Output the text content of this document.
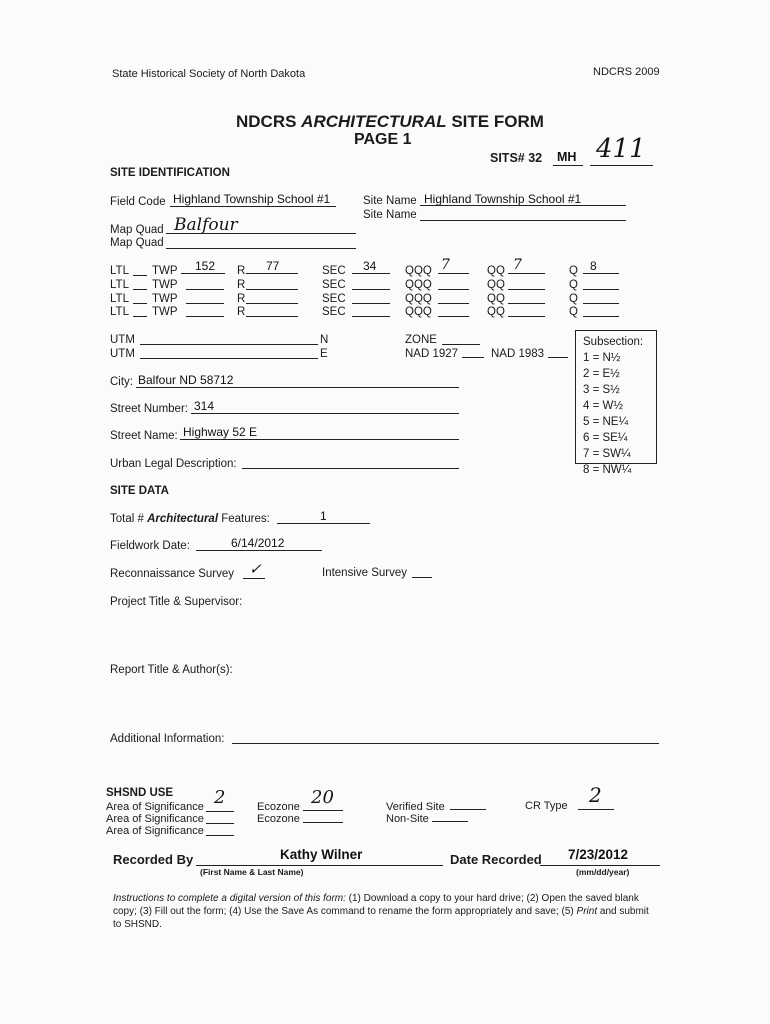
State Historical Society of North Dakota	NDCRS 2009
NDCRS ARCHITECTURAL SITE FORM
PAGE 1
SITS# 32 MH 411
SITE IDENTIFICATION
Field Code Highland Township School #1	Site Name Highland Township School #1
Site Name
Map Quad Balfour
Map Quad
LTL TWP 152 R 77	SEC 34 QQQ 7	QQ 7	Q 8
LTL TWP	R	SEC	QQQ	QQ	Q
LTL TWP	R	SEC	QQQ	QQ	Q
LTL TWP	R	SEC	QQQ	QQ	Q
UTM	N
UTM	E
ZONE
NAD 1927	NAD 1983
Subsection:
1 = N½
2 = E½
3 = S½
4 = W½
5 = NE¼
6 = SE¼
7 = SW¼
8 = NW¼
City: Balfour ND 58712
Street Number: 314
Street Name: Highway 52 E
Urban Legal Description:
SITE DATA
Total # Architectural Features:	1
Fieldwork Date:	6/14/2012
Reconnaissance Survey ✓	Intensive Survey
Project Title & Supervisor:
Report Title & Author(s):
Additional Information:
SHSND USE
Area of Significance 2
Area of Significance
Area of Significance
Ecozone 20
Ecozone
Verified Site
Non-Site
CR Type 2
Recorded By	Kathy Wilner
(First Name & Last Name)
Date Recorded 7/23/2012
(mm/dd/year)
Instructions to complete a digital version of this form: (1) Download a copy to your hard drive; (2) Open the saved blank copy; (3) Fill out the form; (4) Use the Save As command to rename the form appropriately and save; (5) Print and submit to SHSND.
